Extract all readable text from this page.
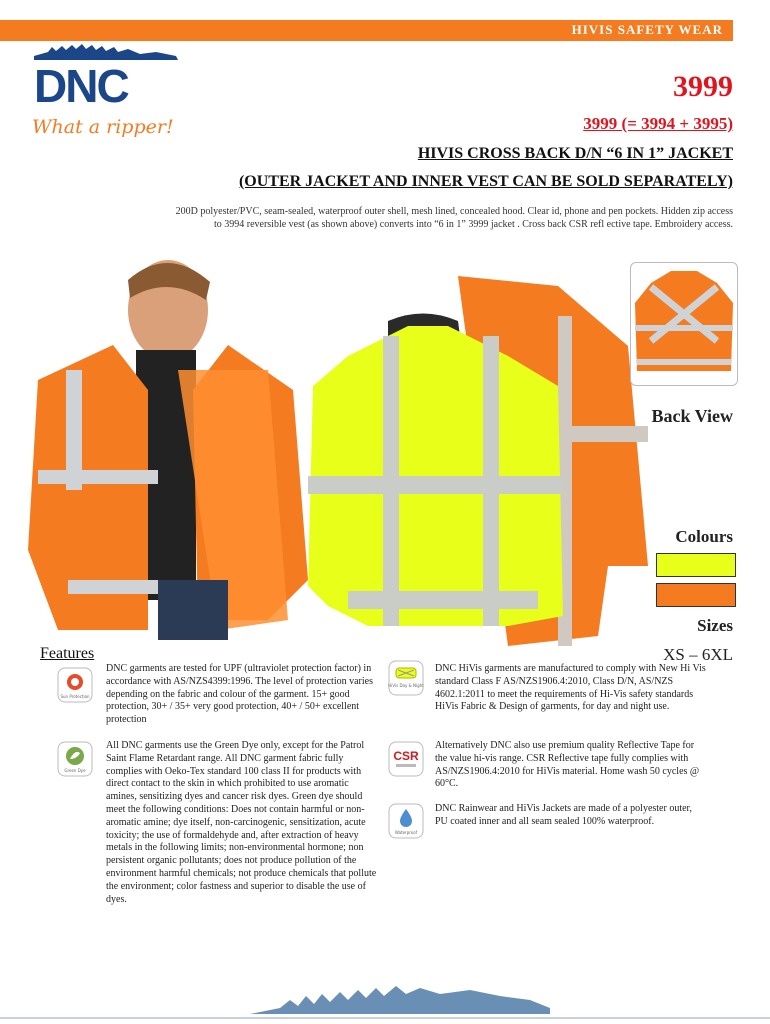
HIVIS SAFETY WEAR
DNC
What a ripper!
3999
3999 (= 3994 + 3995)
HIVIS CROSS BACK D/N “6 IN 1” JACKET
(OUTER JACKET AND INNER VEST CAN BE SOLD SEPARATELY)
200D polyester/PVC, seam-sealed, waterproof outer shell, mesh lined, concealed hood. Clear id, phone and pen pockets. Hidden zip access to 3994 reversible vest (as shown above) converts into “6 in 1” 3999 jacket . Cross back CSR refl ective tape. Embroidery access.
Back View
Colours
Sizes
XS – 6XL
Features
Sun Protection
DNC garments are tested for UPF (ultraviolet protection factor) in accordance with AS/NZS4399:1996. The level of protection varies depending on the fabric and colour of the garment. 15+ good protection, 30+ / 35+ very good protection, 40+ / 50+ excellent protection
Green Dye
All DNC garments use the Green Dye only, except for the Patrol Saint Flame Retardant range. All DNC garment fabric fully complies with Oeko-Tex standard 100 class II for products with direct contact to the skin in which prohibited to use aromatic amines, sensitizing dyes and cancer risk dyes. Green dye should meet the following conditions: Does not contain harmful or non-aromatic amine; dye itself, non-carcinogenic, sensitization, acute toxicity; the use of formaldehyde and, after extraction of heavy metals in the following limits; non-environmental hormone; non persistent organic pollutants; does not produce pollution of the environment harmful chemicals; not produce chemicals that pollute the environment; color fastness and superior to disable the use of dyes.
HiVis Day & Night
DNC HiVis garments are manufactured to comply with New Hi Vis standard Class F AS/NZS1906.4:2010, Class D/N, AS/NZS 4602.1:2011 to meet the requirements of Hi-Vis safety standards HiVis Fabric & Design of garments, for day and night use.
CSR
Alternatively DNC also use premium quality Reflective Tape for the value hi-vis range. CSR Reflective tape fully complies with AS/NZS1906.4:2010 for HiVis material. Home wash 50 cycles @ 60°C.
Waterproof
DNC Rainwear and HiVis Jackets are made of a polyester outer, PU coated inner and all seam sealed 100% waterproof.
